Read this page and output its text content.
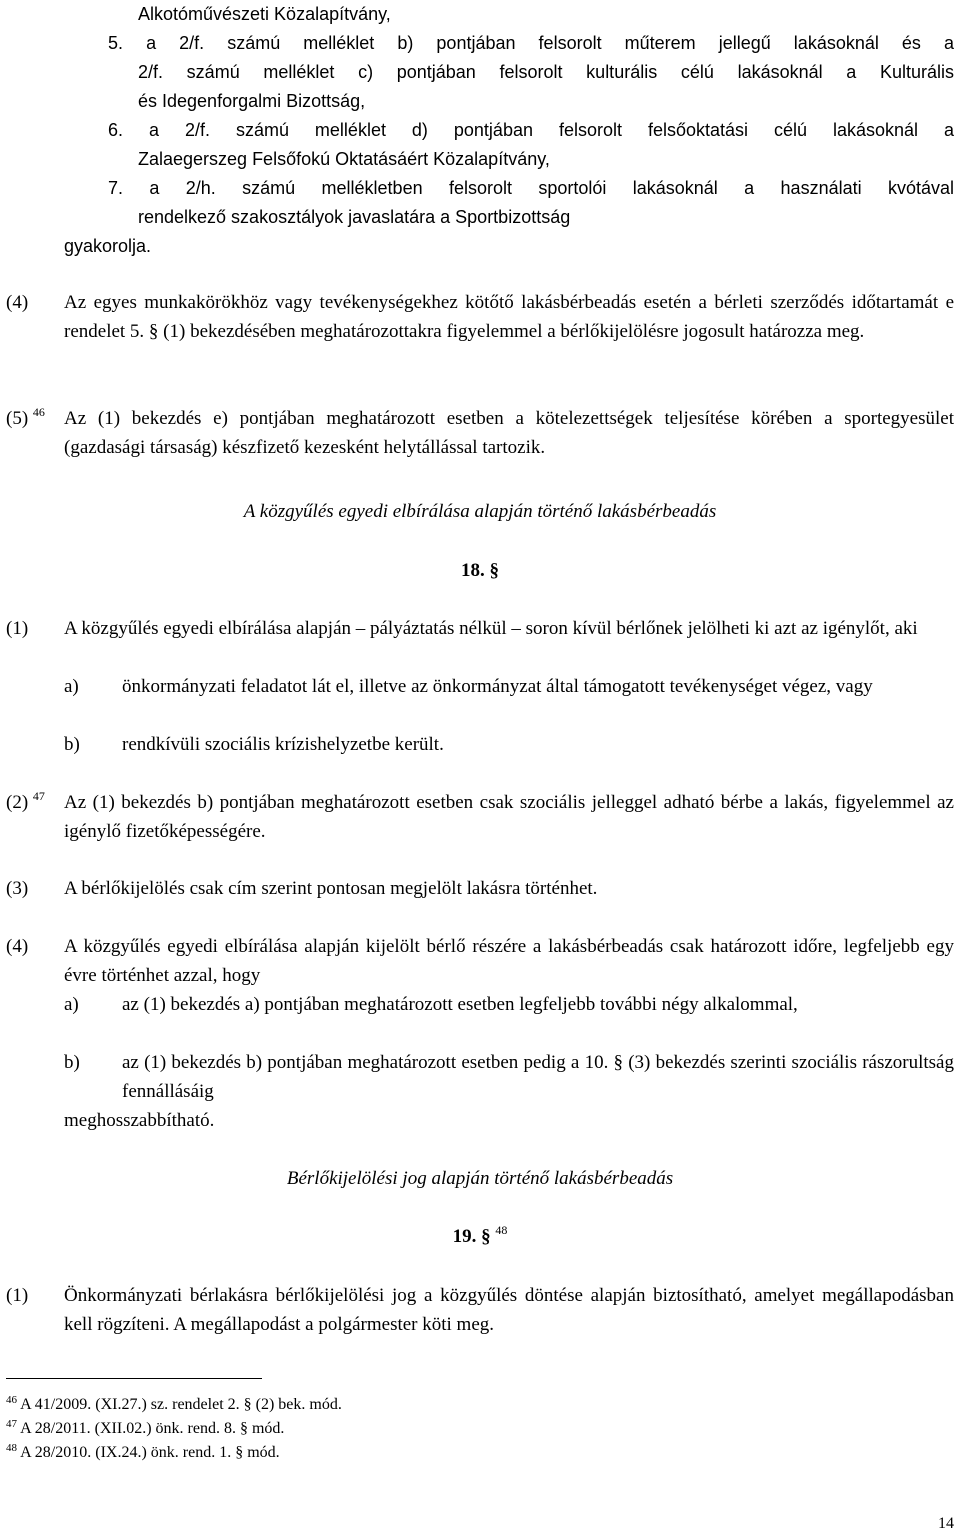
Alkotóművészeti Közalapítvány,
5. a 2/f. számú melléklet b) pontjában felsorolt műterem jellegű lakásoknál és a
2/f. számú melléklet c) pontjában felsorolt kulturális célú lakásoknál a Kulturális
és Idegenforgalmi Bizottság,
6. a 2/f. számú melléklet d) pontjában felsorolt felsőoktatási célú lakásoknál a
Zalaegerszeg Felsőfokú Oktatásáért Közalapítvány,
7. a 2/h. számú mellékletben felsorolt sportolói lakásoknál a használati kvótával
rendelkező szakosztályok javaslatára a Sportbizottság
gyakorolja.
(4) Az egyes munkakörökhöz vagy tevékenységekhez kötőtő lakásbérbeadás esetén a bérleti szerződés időtartamát e rendelet 5. § (1) bekezdésében meghatározottakra figyelemmel a bérlőkijelölésre jogosult határozza meg.
(5) $^{46}$ Az (1) bekezdés e) pontjában meghatározott esetben a kötelezettségek teljesítése körében a sportegyesület (gazdasági társaság) készfizető kezesként helytállással tartozik.
A közgyűlés egyedi elbírálása alapján történő lakásbérbeadás
18. §
(1) A közgyűlés egyedi elbírálása alapján – pályáztatás nélkül – soron kívül bérlőnek jelölheti ki azt az igénylőt, aki
a) önkormányzati feladatot lát el, illetve az önkormányzat által támogatott tevékenységet végez, vagy
b) rendkívüli szociális krízishelyzetbe került.
(2) $^{47}$ Az (1) bekezdés b) pontjában meghatározott esetben csak szociális jelleggel adható bérbe a lakás, figyelemmel az igénylő fizetőképességére.
(3) A bérlőkijelölés csak cím szerint pontosan megjelölt lakásra történhet.
(4) A közgyűlés egyedi elbírálása alapján kijelölt bérlő részére a lakásbérbeadás csak határozott időre, legfeljebb egy évre történhet azzal, hogy
a) az (1) bekezdés a) pontjában meghatározott esetben legfeljebb további négy alkalommal,
b) az (1) bekezdés b) pontjában meghatározott esetben pedig a 10. § (3) bekezdés szerinti szociális rászorultság fennállásáig
meghosszabbítható.
Bérlőkijelölési jog alapján történő lakásbérbeadás
19. § $^{48}$
(1) Önkormányzati bérlakásra bérlőkijelölési jog a közgyűlés döntése alapján biztosítható, amelyet megállapodásban kell rögzíteni. A megállapodást a polgármester köti meg.
$^{46}$ A 41/2009. (XI.27.) sz. rendelet 2. § (2) bek. mód.
$^{47}$ A 28/2011. (XII.02.) önk. rend. 8. § mód.
$^{48}$ A 28/2010. (IX.24.) önk. rend. 1. § mód.
14
